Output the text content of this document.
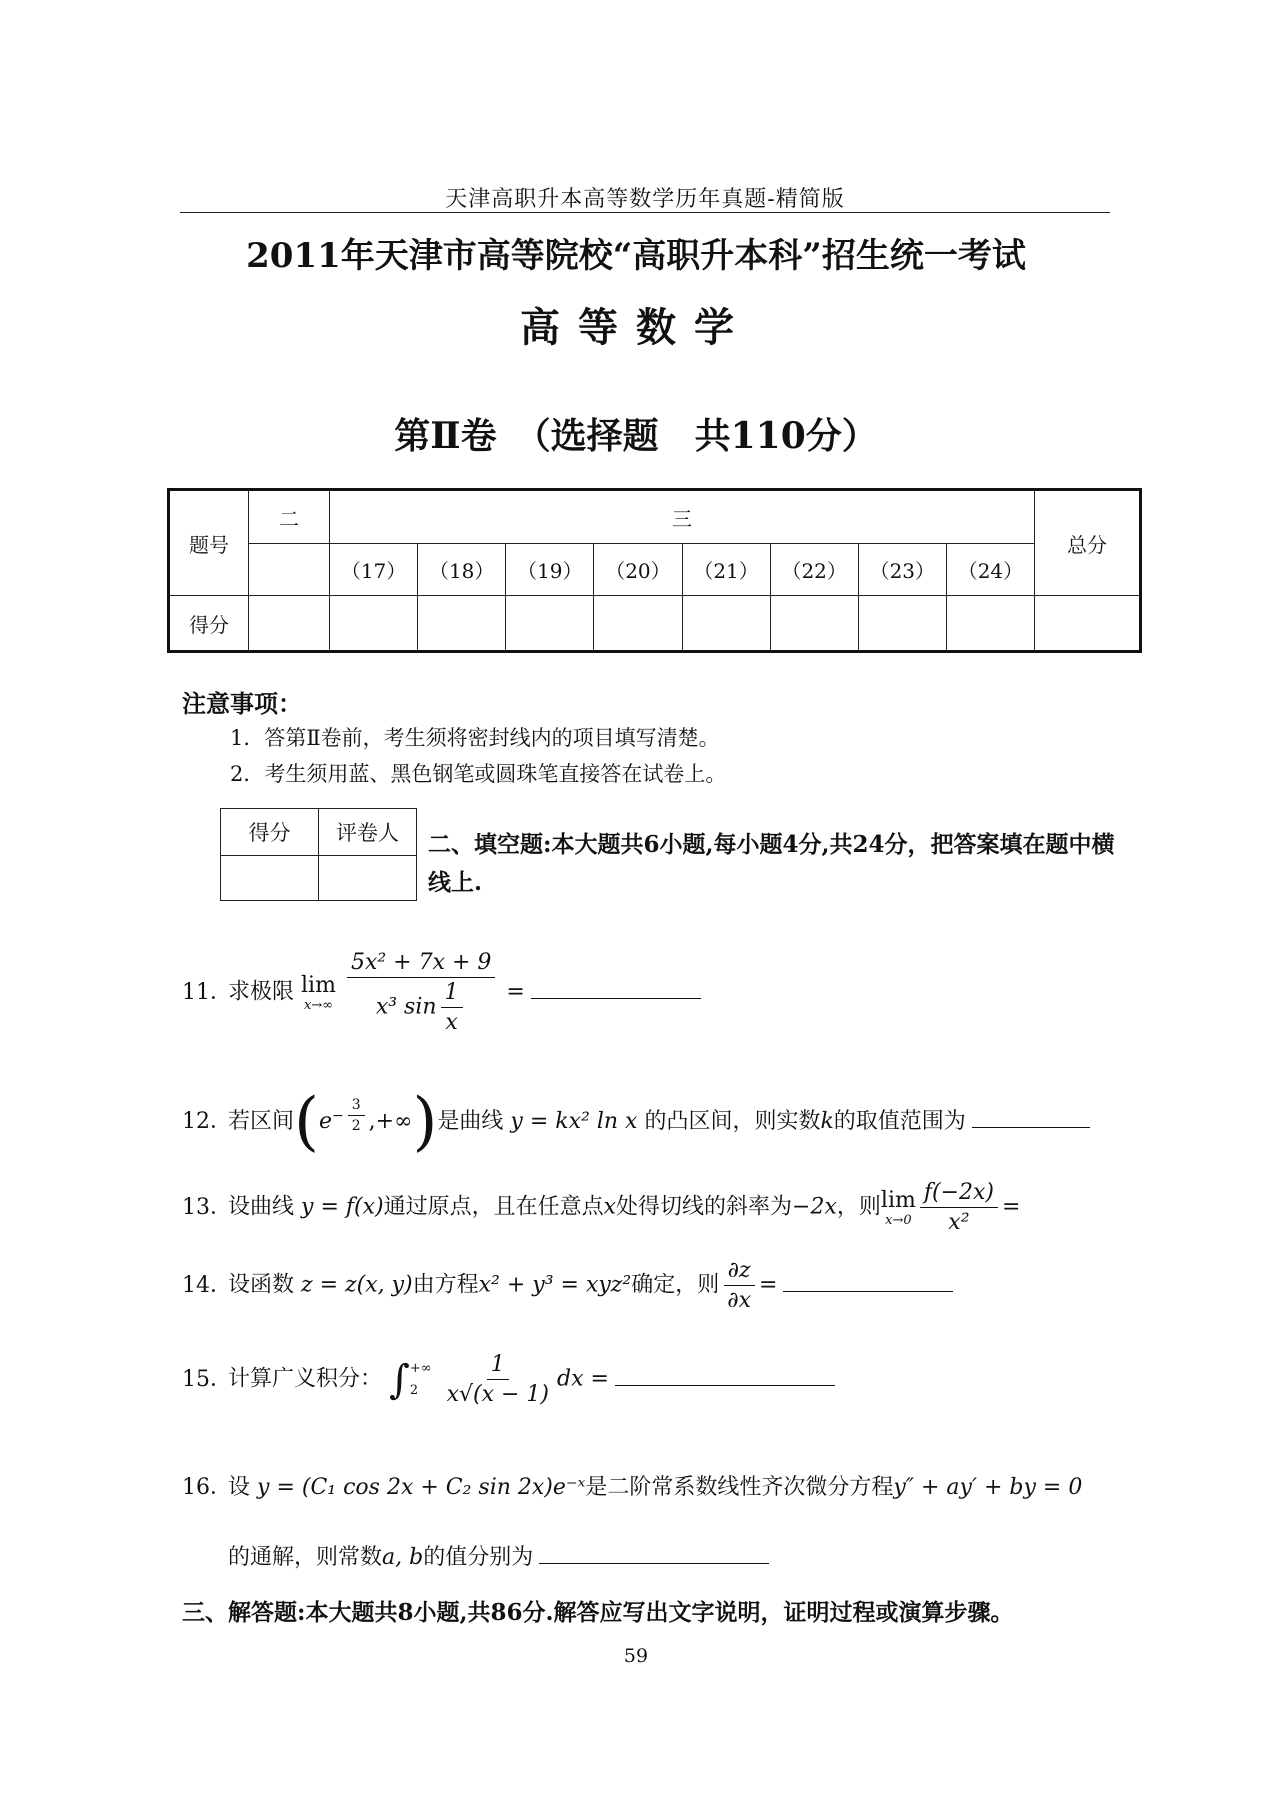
天津高职升本高等数学历年真题-精简版
2011年天津市高等院校“高职升本科”招生统一考试
高等数学
第Ⅱ卷　（选择题　共110分）
题号	二	三								总分
		（17）	（18）	（19）	（20）	（21）	（22）	（23）	（24）	
得分										
注意事项：
1．答第Ⅱ卷前，考生须将密封线内的项目填写清楚。
2．考生须用蓝、黑色钢笔或圆珠笔直接答在试卷上。
得分	评卷人
	二、填空题:本大题共6小题,每小题4分,共24分，把答案填在题中横线上.
11．求极限 lim
x→∞
$\frac{\text{5x² + 7x + 9}}{x^3 \sin \frac{1}{x}}$ =
12．若区间($e^{- \frac{3}{2}}$ ,+∞)是曲线 y = kx² ln x 的凸区间，则实数k的取值范围为
13．设曲线 y = f(x)通过原点，且在任意点x处得切线的斜率为−2x，则 lim
$x\to 0 \frac{f(-2x)}{\text{x²}}$ =
14．设函数 z = z(x, y)由方程x² + y³ = xyz²确定，则 $\frac{\partial z}{\partial x}$ =
15．计算广义积分： ∫ +∞
2
	$\frac{1}{x√(x - 1)}$ dx =
16．设 y = (C₁ cos 2x + C₂ sin 2x)e⁻ˣ是二阶常系数线性齐次微分方程y″ + ay′ + by = 0
的通解，则常数a, b的值分别为
三、解答题:本大题共8小题,共86分.解答应写出文字说明，证明过程或演算步骤。
59
